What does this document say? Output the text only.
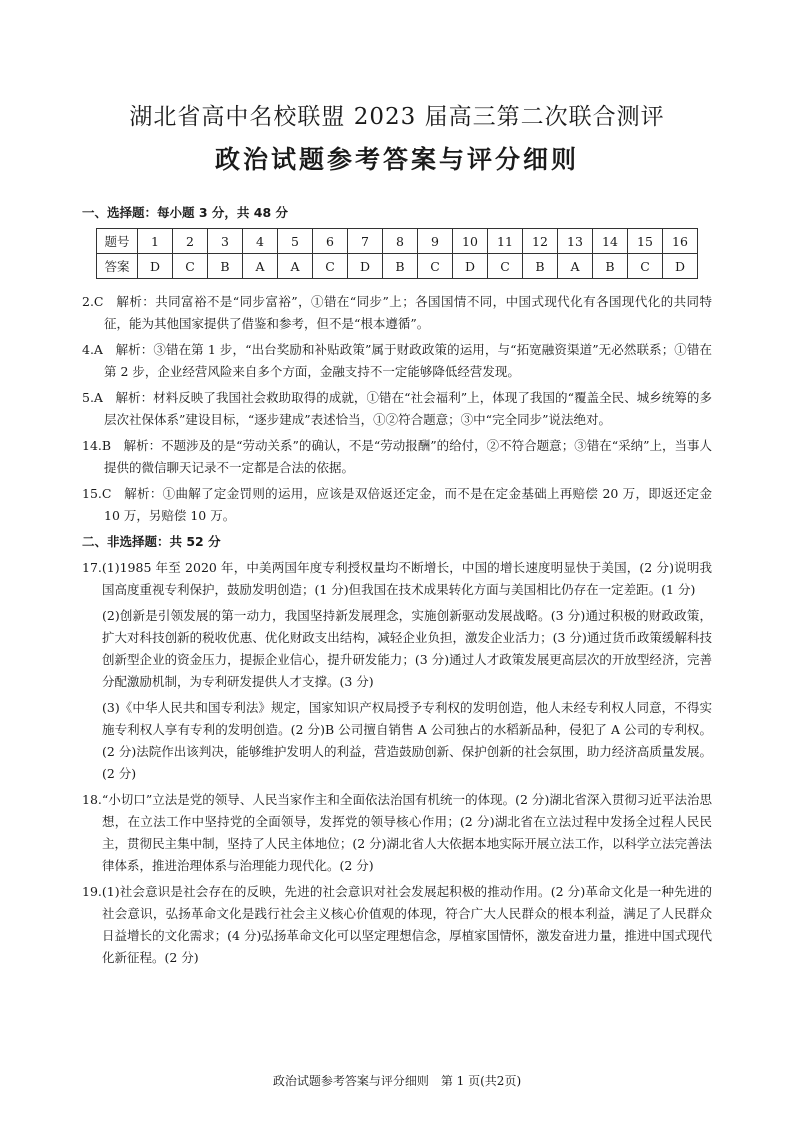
湖北省高中名校联盟 2023 届高三第二次联合测评
政治试题参考答案与评分细则
一、选择题：每小题 3 分，共 48 分
题号	1	2	3	4	5	6	7	8	9	10	11	12	13	14	15	16
答案	D	C	B	A	A	C	D	B	C	D	C	B	A	B	C	D
2.C  解析：共同富裕不是“同步富裕”，①错在“同步”上；各国国情不同，中国式现代化有各国现代化的共同特征，能为其他国家提供了借鉴和参考，但不是“根本遵循”。
4.A  解析：③错在第 1 步，“出台奖励和补贴政策”属于财政政策的运用，与“拓宽融资渠道”无必然联系；①错在第 2 步，企业经营风险来自多个方面，金融支持不一定能够降低经营发现。
5.A  解析：材料反映了我国社会救助取得的成就，①错在“社会福利”上，体现了我国的“覆盖全民、城乡统筹的多层次社保体系”建设目标，“逐步建成”表述恰当，①②符合题意；③中“完全同步”说法绝对。
14.B  解析：不题涉及的是“劳动关系”的确认，不是“劳动报酬”的给付，②不符合题意；③错在“采纳”上，当事人提供的微信聊天记录不一定都是合法的依据。
15.C  解析：①曲解了定金罚则的运用，应该是双倍返还定金，而不是在定金基础上再赔偿 20 万，即返还定金 10 万，另赔偿 10 万。
二、非选择题：共 52 分
17.(1)1985 年至 2020 年，中美两国年度专利授权量均不断增长，中国的增长速度明显快于美国，(2 分)说明我国高度重视专利保护，鼓励发明创造；(1 分)但我国在技术成果转化方面与美国相比仍存在一定差距。(1 分)
(2)创新是引领发展的第一动力，我国坚持新发展理念，实施创新驱动发展战略。(3 分)通过积极的财政政策，扩大对科技创新的税收优惠、优化财政支出结构，减轻企业负担，激发企业活力；(3 分)通过货币政策缓解科技创新型企业的资金压力，提振企业信心，提升研发能力；(3 分)通过人才政策发展更高层次的开放型经济，完善分配激励机制，为专利研发提供人才支撑。(3 分)
(3)《中华人民共和国专利法》规定，国家知识产权局授予专利权的发明创造，他人未经专利权人同意，不得实施专利权人享有专利的发明创造。(2 分)B 公司擅自销售 A 公司独占的水稻新品种，侵犯了 A 公司的专利权。(2 分)法院作出该判决，能够维护发明人的利益，营造鼓励创新、保护创新的社会氛围，助力经济高质量发展。(2 分)
18.“小切口”立法是党的领导、人民当家作主和全面依法治国有机统一的体现。(2 分)湖北省深入贯彻习近平法治思想，在立法工作中坚持党的全面领导，发挥党的领导核心作用；(2 分)湖北省在立法过程中发扬全过程人民民主，贯彻民主集中制，坚持了人民主体地位；(2 分)湖北省人大依据本地实际开展立法工作，以科学立法完善法律体系，推进治理体系与治理能力现代化。(2 分)
19.(1)社会意识是社会存在的反映，先进的社会意识对社会发展起积极的推动作用。(2 分)革命文化是一种先进的社会意识，弘扬革命文化是践行社会主义核心价值观的体现，符合广大人民群众的根本利益，满足了人民群众日益增长的文化需求；(4 分)弘扬革命文化可以坚定理想信念，厚植家国情怀，激发奋进力量，推进中国式现代化新征程。(2 分)
政治试题参考答案与评分细则　第 1 页(共2页)
